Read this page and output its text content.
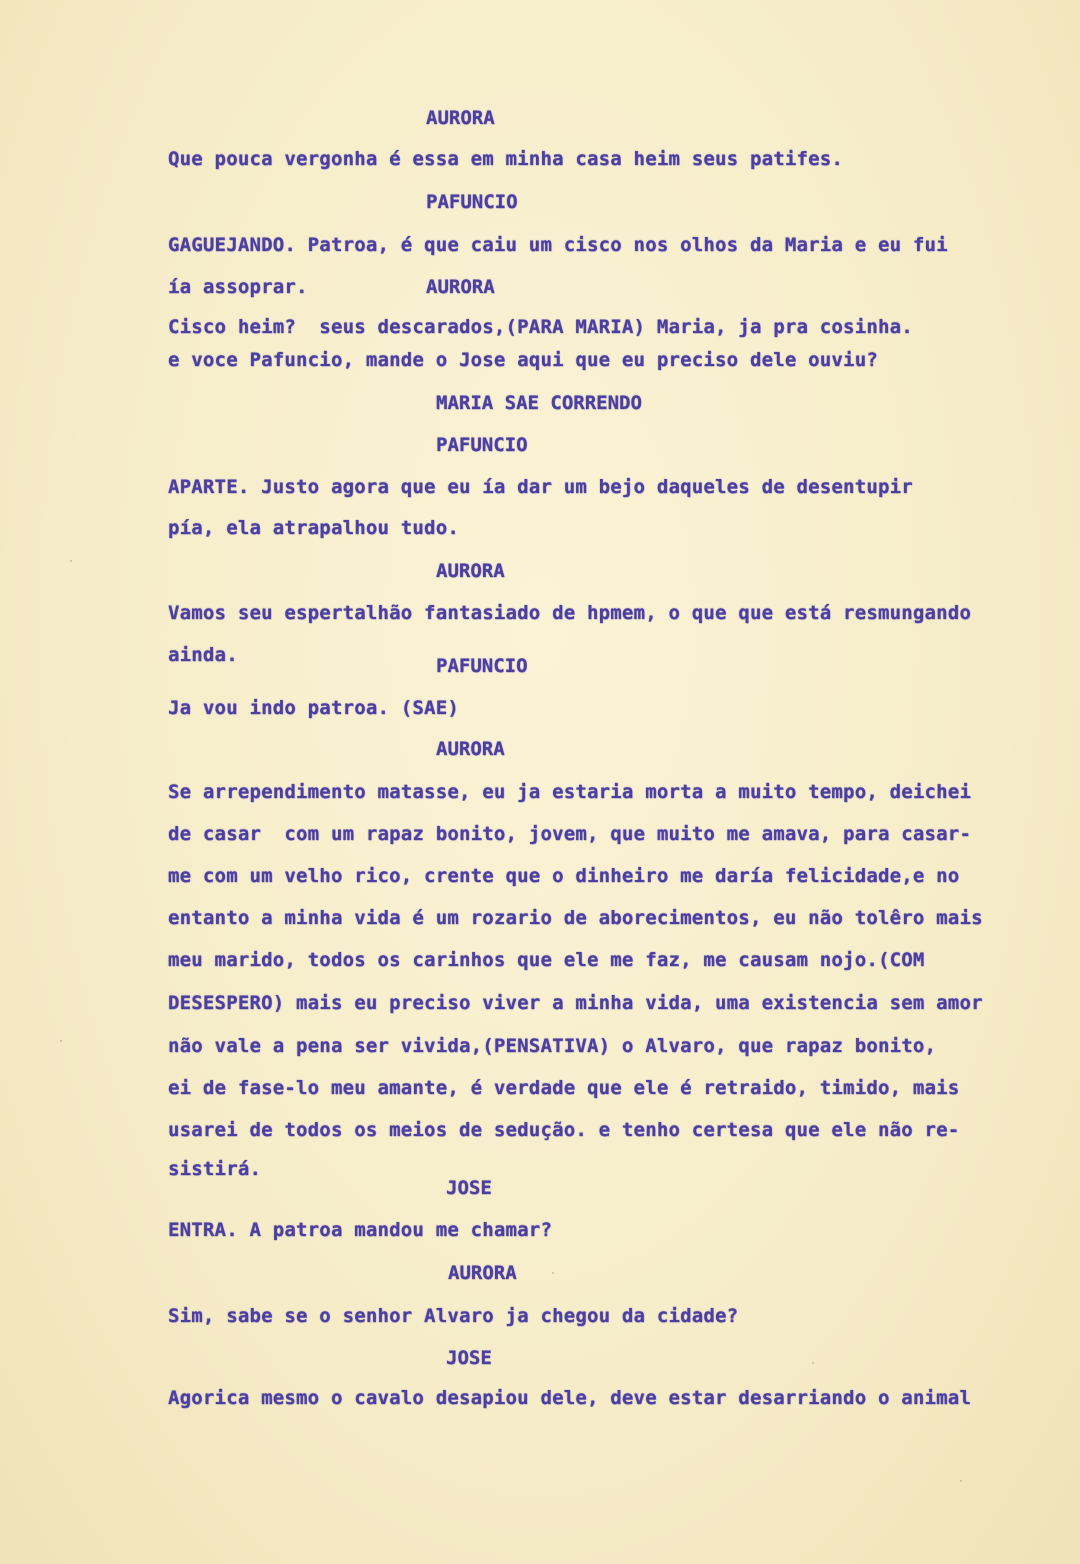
AURORA
Que pouca vergonha é essa em minha casa heim seus patifes.
PAFUNCIO
GAGUEJANDO. Patroa, é que caiu um cisco nos olhos da Maria e eu fui
ía assoprar.	AURORA
Cisco heim?  seus descarados,(PARA MARIA) Maria, ja pra cosinha.
e voce Pafuncio, mande o Jose aqui que eu preciso dele ouviu?
MARIA SAE CORRENDO
PAFUNCIO
APARTE. Justo agora que eu ía dar um bejo daqueles de desentupir
pía, ela atrapalhou tudo.
AURORA
Vamos seu espertalhão fantasiado de hpmem, o que que está resmungando
ainda.	PAFUNCIO
Ja vou indo patroa. (SAE)
AURORA
Se arrependimento matasse, eu ja estaria morta a muito tempo, deichei
de casar  com um rapaz bonito, jovem, que muito me amava, para casar-
me com um velho rico, crente que o dinheiro me daría felicidade,e no
entanto a minha vida é um rozario de aborecimentos, eu não tolêro mais
meu marido, todos os carinhos que ele me faz, me causam nojo.(COM
DESESPERO) mais eu preciso viver a minha vida, uma existencia sem amor
não vale a pena ser vivida,(PENSATIVA) o Alvaro, que rapaz bonito,
ei de fase-lo meu amante, é verdade que ele é retraido, timido, mais
usarei de todos os meios de sedução. e tenho certesa que ele não re-
sistirá.
JOSE
ENTRA. A patroa mandou me chamar?
AURORA
Sim, sabe se o senhor Alvaro ja chegou da cidade?
JOSE
Agorica mesmo o cavalo desapiou dele, deve estar desarriando o animal
